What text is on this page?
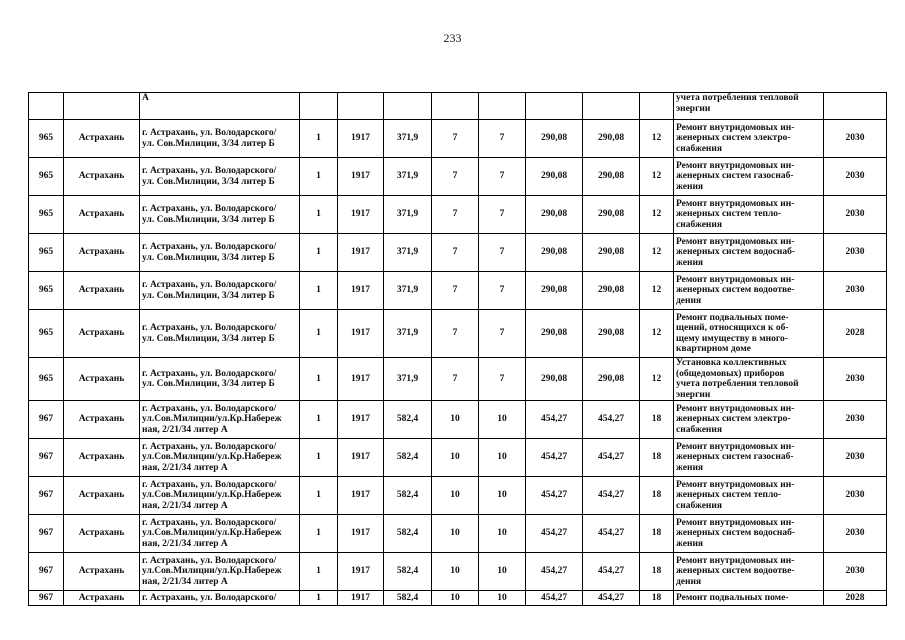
233

		А									учета потребления тепловой
энергии	

965	Астрахань	г. Астрахань, ул. Володарского/
ул. Сов.Милиции, 3/34 литер Б	1	1917	371,9	7	7	290,08	290,08	12	Ремонт внутридомовых ин-
женерных систем электро-
снабжения	2030

965	Астрахань	г. Астрахань, ул. Володарского/
ул. Сов.Милиции, 3/34 литер Б	1	1917	371,9	7	7	290,08	290,08	12	Ремонт внутридомовых ин-
женерных систем газоснаб-
жения	2030

965	Астрахань	г. Астрахань, ул. Володарского/
ул. Сов.Милиции, 3/34 литер Б	1	1917	371,9	7	7	290,08	290,08	12	Ремонт внутридомовых ин-
женерных систем тепло-
снабжения	2030

965	Астрахань	г. Астрахань, ул. Володарского/
ул. Сов.Милиции, 3/34 литер Б	1	1917	371,9	7	7	290,08	290,08	12	Ремонт внутридомовых ин-
женерных систем водоснаб-
жения	2030

965	Астрахань	г. Астрахань, ул. Володарского/
ул. Сов.Милиции, 3/34 литер Б	1	1917	371,9	7	7	290,08	290,08	12	Ремонт внутридомовых ин-
женерных систем водоотве-
дения	2030

965	Астрахань	г. Астрахань, ул. Володарского/
ул. Сов.Милиции, 3/34 литер Б	1	1917	371,9	7	7	290,08	290,08	12	Ремонт подвальных поме-
щений, относящихся к об-
щему имуществу в много-
квартирном доме	2028

965	Астрахань	г. Астрахань, ул. Володарского/
ул. Сов.Милиции, 3/34 литер Б	1	1917	371,9	7	7	290,08	290,08	12	Установка коллективных
(общедомовых) приборов
учета потребления тепловой
энергии	2030

967	Астрахань	г. Астрахань, ул. Володарского/
ул.Сов.Милиции/ул.Кр.Набереж
ная, 2/21/34 литер А	1	1917	582,4	10	10	454,27	454,27	18	Ремонт внутридомовых ин-
женерных систем электро-
снабжения	2030

967	Астрахань	г. Астрахань, ул. Володарского/
ул.Сов.Милиции/ул.Кр.Набереж
ная, 2/21/34 литер А	1	1917	582,4	10	10	454,27	454,27	18	Ремонт внутридомовых ин-
женерных систем газоснаб-
жения	2030

967	Астрахань	г. Астрахань, ул. Володарского/
ул.Сов.Милиции/ул.Кр.Набереж
ная, 2/21/34 литер А	1	1917	582,4	10	10	454,27	454,27	18	Ремонт внутридомовых ин-
женерных систем тепло-
снабжения	2030

967	Астрахань	г. Астрахань, ул. Володарского/
ул.Сов.Милиции/ул.Кр.Набереж
ная, 2/21/34 литер А	1	1917	582,4	10	10	454,27	454,27	18	Ремонт внутридомовых ин-
женерных систем водоснаб-
жения	2030

967	Астрахань	г. Астрахань, ул. Володарского/
ул.Сов.Милиции/ул.Кр.Набереж
ная, 2/21/34 литер А	1	1917	582,4	10	10	454,27	454,27	18	Ремонт внутридомовых ин-
женерных систем водоотве-
дения	2030

967	Астрахань	г. Астрахань, ул. Володарского/	1	1917	582,4	10	10	454,27	454,27	18	Ремонт подвальных поме-	2028
